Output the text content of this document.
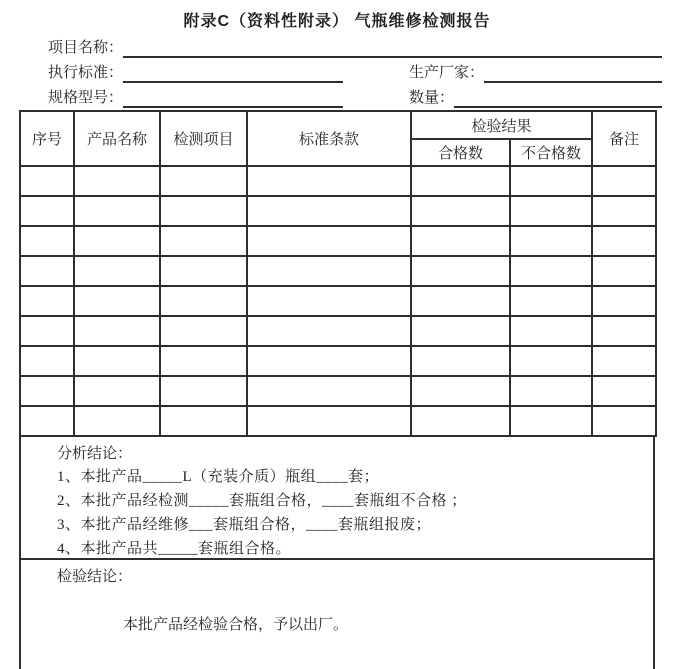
附录C（资料性附录） 气瓶维修检测报告
项目名称：
执行标准：	生产厂家：
规格型号：	数量：
序号	产品名称	检测项目	标准条款	检验结果		备注
				合格数	不合格数	

分析结论：
1、本批产品_____L（充装介质）瓶组____套；
2、本批产品经检测_____套瓶组合格，____套瓶组不合格 ；
3、本批产品经维修___套瓶组合格，____套瓶组报废；
4、本批产品共_____套瓶组合格。
检验结论：
本批产品经检验合格，予以出厂。
